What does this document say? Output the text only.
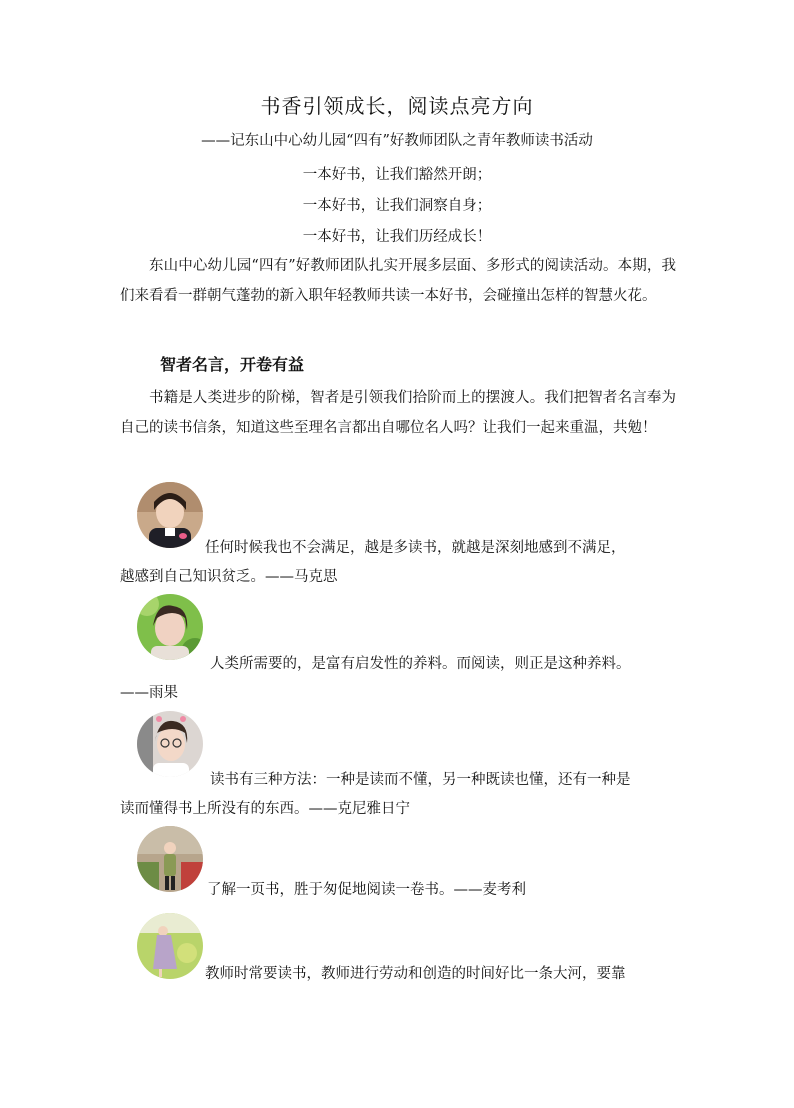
书香引领成长，阅读点亮方向
——记东山中心幼儿园“四有”好教师团队之青年教师读书活动
一本好书，让我们豁然开朗；
一本好书，让我们洞察自身；
一本好书，让我们历经成长！

东山中心幼儿园“四有”好教师团队扎实开展多层面、多形式的阅读活动。本期，我们来看看一群朝气蓬勃的新入职年轻教师共读一本好书，会碰撞出怎样的智慧火花。

智者名言，开卷有益

书籍是人类进步的阶梯，智者是引领我们拾阶而上的摆渡人。我们把智者名言奉为自己的读书信条，知道这些至理名言都出自哪位名人吗？让我们一起来重温，共勉！

任何时候我也不会满足，越是多读书，就越是深刻地感到不满足，
越感到自己知识贫乏。——马克思
人类所需要的，是富有启发性的养料。而阅读，则正是这种养料。
——雨果
读书有三种方法：一种是读而不懂，另一种既读也懂，还有一种是
读而懂得书上所没有的东西。——克尼雅日宁
了解一页书，胜于匆促地阅读一卷书。——麦考利
教师时常要读书，教师进行劳动和创造的时间好比一条大河，要靠
